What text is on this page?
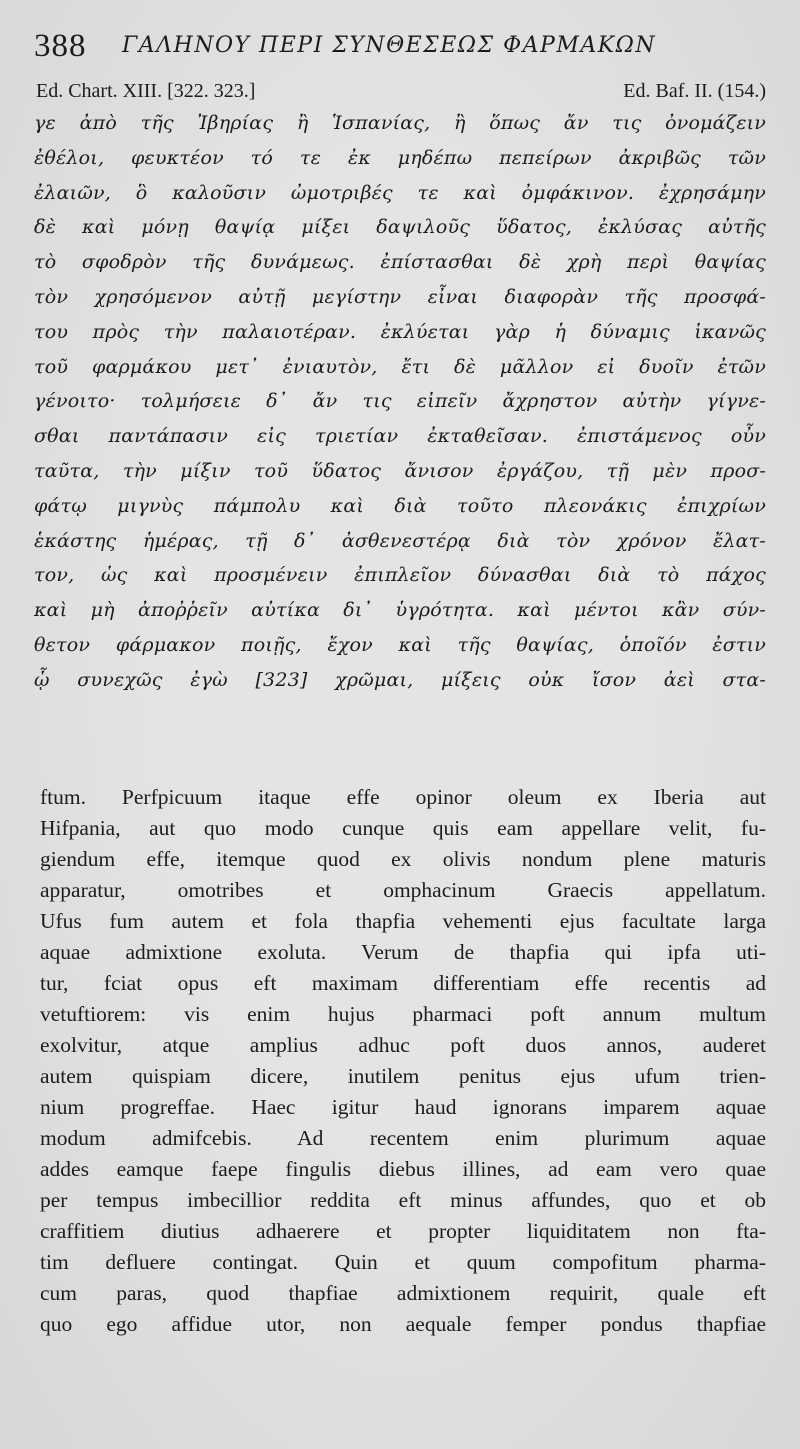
388 ΓΑΛΗΝΟΥ ΠΕΡΙ ΣΥΝΘΕΣΕΩΣ ΦΑΡΜΑΚΩΝ
Ed. Chart. XIII. [322. 323.]	Ed. Baf. II. (154.)
γε ἀπὸ τῆς Ἰβηρίας ἢ Ἱσπανίας, ἢ ὅπως ἄν τις ὀνομάζειν
ἐθέλοι, φευκτέον τό τε ἐκ μηδέπω πεπείρων ἀκριβῶς τῶν
ἐλαιῶν, ὃ καλοῦσιν ὠμοτριβές τε καὶ ὀμφάκινον. ἐχρησάμην
δὲ καὶ μόνῃ θαψίᾳ μίξει δαψιλοῦς ὕδατος, ἐκλύσας αὐτῆς
τὸ σφοδρὸν τῆς δυνάμεως. ἐπίστασθαι δὲ χρὴ περὶ θαψίας
τὸν χρησόμενον αὐτῇ μεγίστην εἶναι διαφορὰν τῆς προσφά-
του πρὸς τὴν παλαιοτέραν. ἐκλύεται γὰρ ἡ δύναμις ἱκανῶς
τοῦ φαρμάκου μετ᾽ ἐνιαυτὸν, ἔτι δὲ μᾶλλον εἰ δυοῖν ἐτῶν
γένοιτο· τολμήσειε δ᾽ ἄν τις εἰπεῖν ἄχρηστον αὐτὴν γίγνε-
σθαι παντάπασιν εἰς τριετίαν ἐκταθεῖσαν. ἐπιστάμενος οὖν
ταῦτα, τὴν μίξιν τοῦ ὕδατος ἄνισον ἐργάζου, τῇ μὲν προσ-
φάτῳ μιγνὺς πάμπολυ καὶ διὰ τοῦτο πλεονάκις ἐπιχρίων
ἑκάστης ἡμέρας, τῇ δ᾽ ἀσθενεστέρᾳ διὰ τὸν χρόνον ἔλατ-
τον, ὡς καὶ προσμένειν ἐπιπλεῖον δύνασθαι διὰ τὸ πάχος
καὶ μὴ ἀποῤῥεῖν αὐτίκα δι᾽ ὑγρότητα. καὶ μέντοι κἂν σύν-
θετον φάρμακον ποιῇς, ἔχον καὶ τῆς θαψίας, ὁποῖόν ἐστιν
ᾧ συνεχῶς ἐγὼ [323] χρῶμαι, μίξεις οὐκ ἴσον ἀεὶ στα-
ftum. Perfpicuum itaque effe opinor oleum ex Iberia aut
Hifpania, aut quo modo cunque quis eam appellare velit, fu-
giendum effe, itemque quod ex olivis nondum plene maturis
apparatur, omotribes et omphacinum Graecis appellatum.
Ufus fum autem et fola thapfia vehementi ejus facultate larga
aquae admixtione exoluta. Verum de thapfia qui ipfa uti-
tur, fciat opus eft maximam differentiam effe recentis ad
vetuftiorem: vis enim hujus pharmaci poft annum multum
exolvitur, atque amplius adhuc poft duos annos, auderet
autem quispiam dicere, inutilem penitus ejus ufum trien-
nium progreffae. Haec igitur haud ignorans imparem aquae
modum admifcebis. Ad recentem enim plurimum aquae
addes eamque faepe fingulis diebus illines, ad eam vero quae
per tempus imbecillior reddita eft minus affundes, quo et ob
craffitiem diutius adhaerere et propter liquiditatem non fta-
tim defluere contingat. Quin et quum compofitum pharma-
cum paras, quod thapfiae admixtionem requirit, quale eft
quo ego affidue utor, non aequale femper pondus thapfiae
